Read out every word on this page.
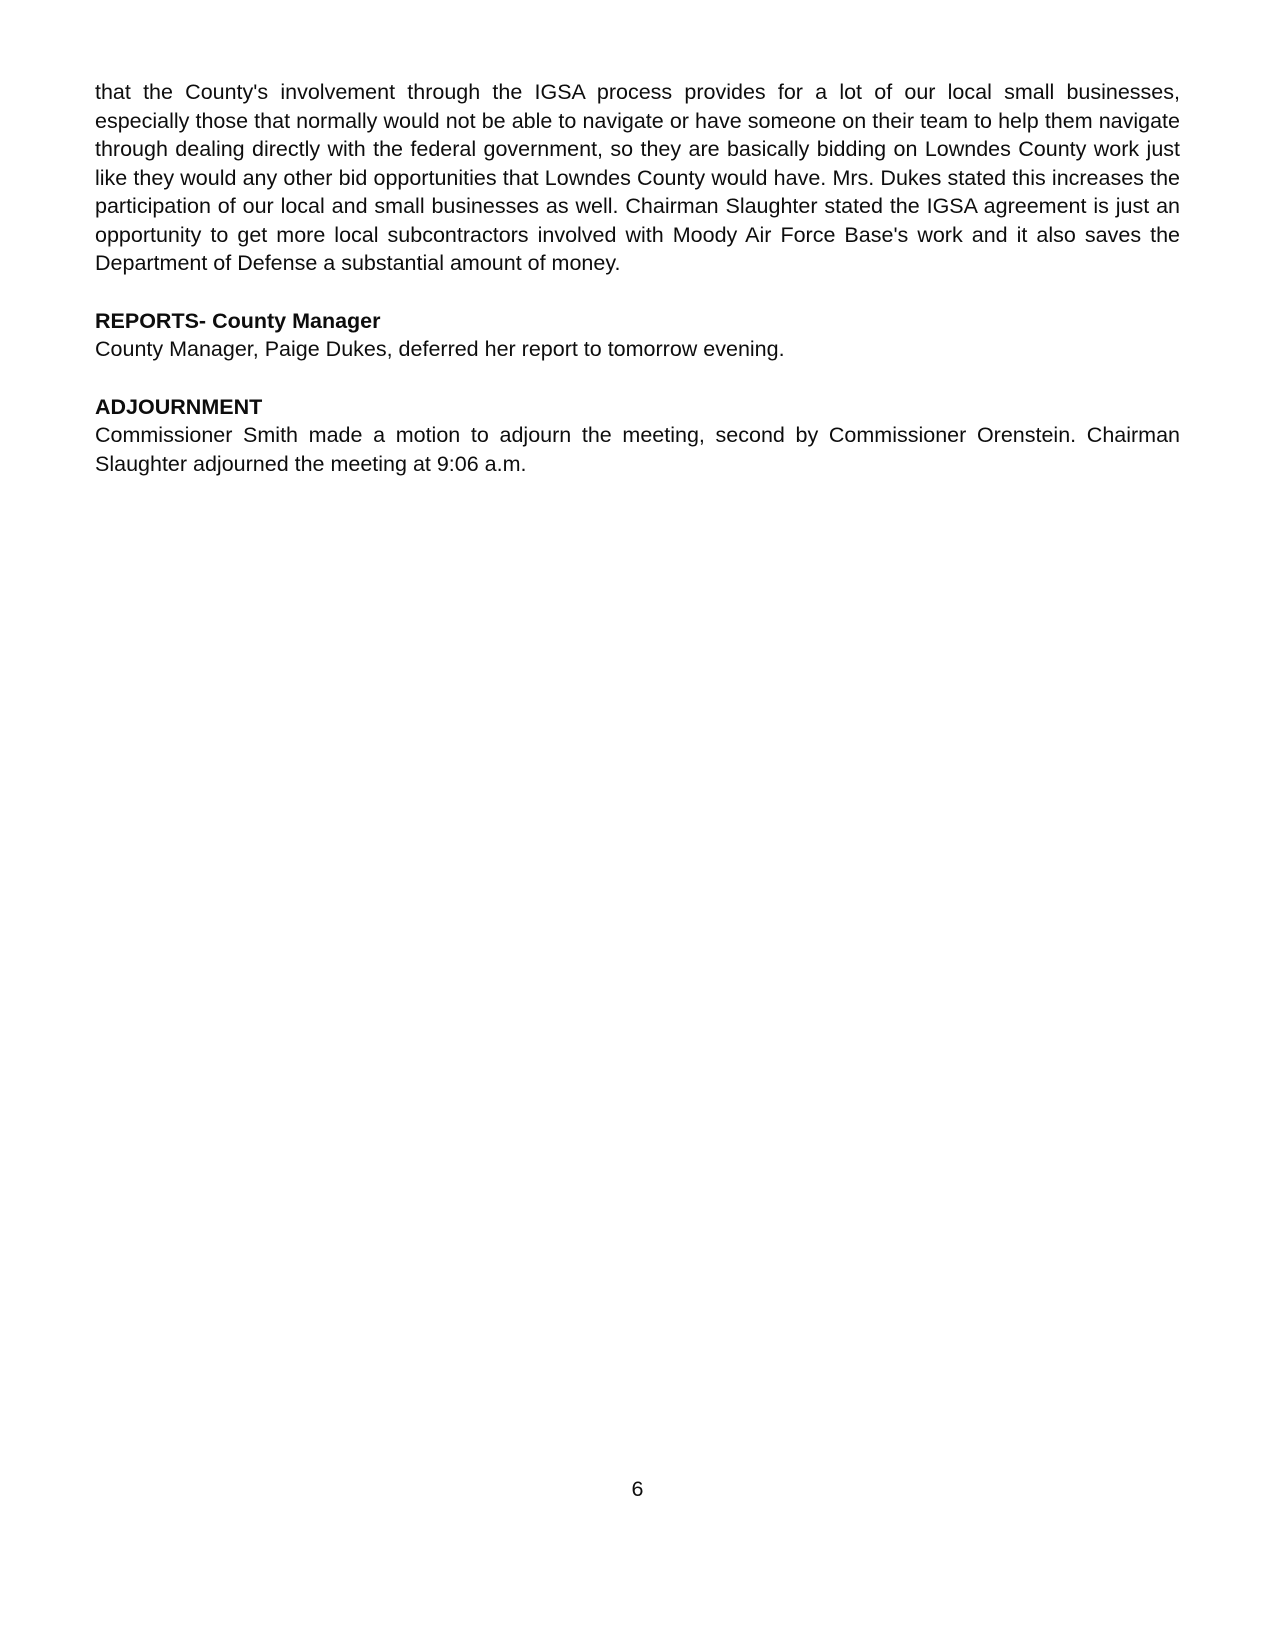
that the County's involvement through the IGSA process provides for a lot of our local small businesses, especially those that normally would not be able to navigate or have someone on their team to help them navigate through dealing directly with the federal government, so they are basically bidding on Lowndes County work just like they would any other bid opportunities that Lowndes County would have. Mrs. Dukes stated this increases the participation of our local and small businesses as well. Chairman Slaughter stated the IGSA agreement is just an opportunity to get more local subcontractors involved with Moody Air Force Base's work and it also saves the Department of Defense a substantial amount of money.

REPORTS- County Manager

County Manager, Paige Dukes, deferred her report to tomorrow evening.

ADJOURNMENT

Commissioner Smith made a motion to adjourn the meeting, second by Commissioner Orenstein. Chairman Slaughter adjourned the meeting at 9:06 a.m.

6
